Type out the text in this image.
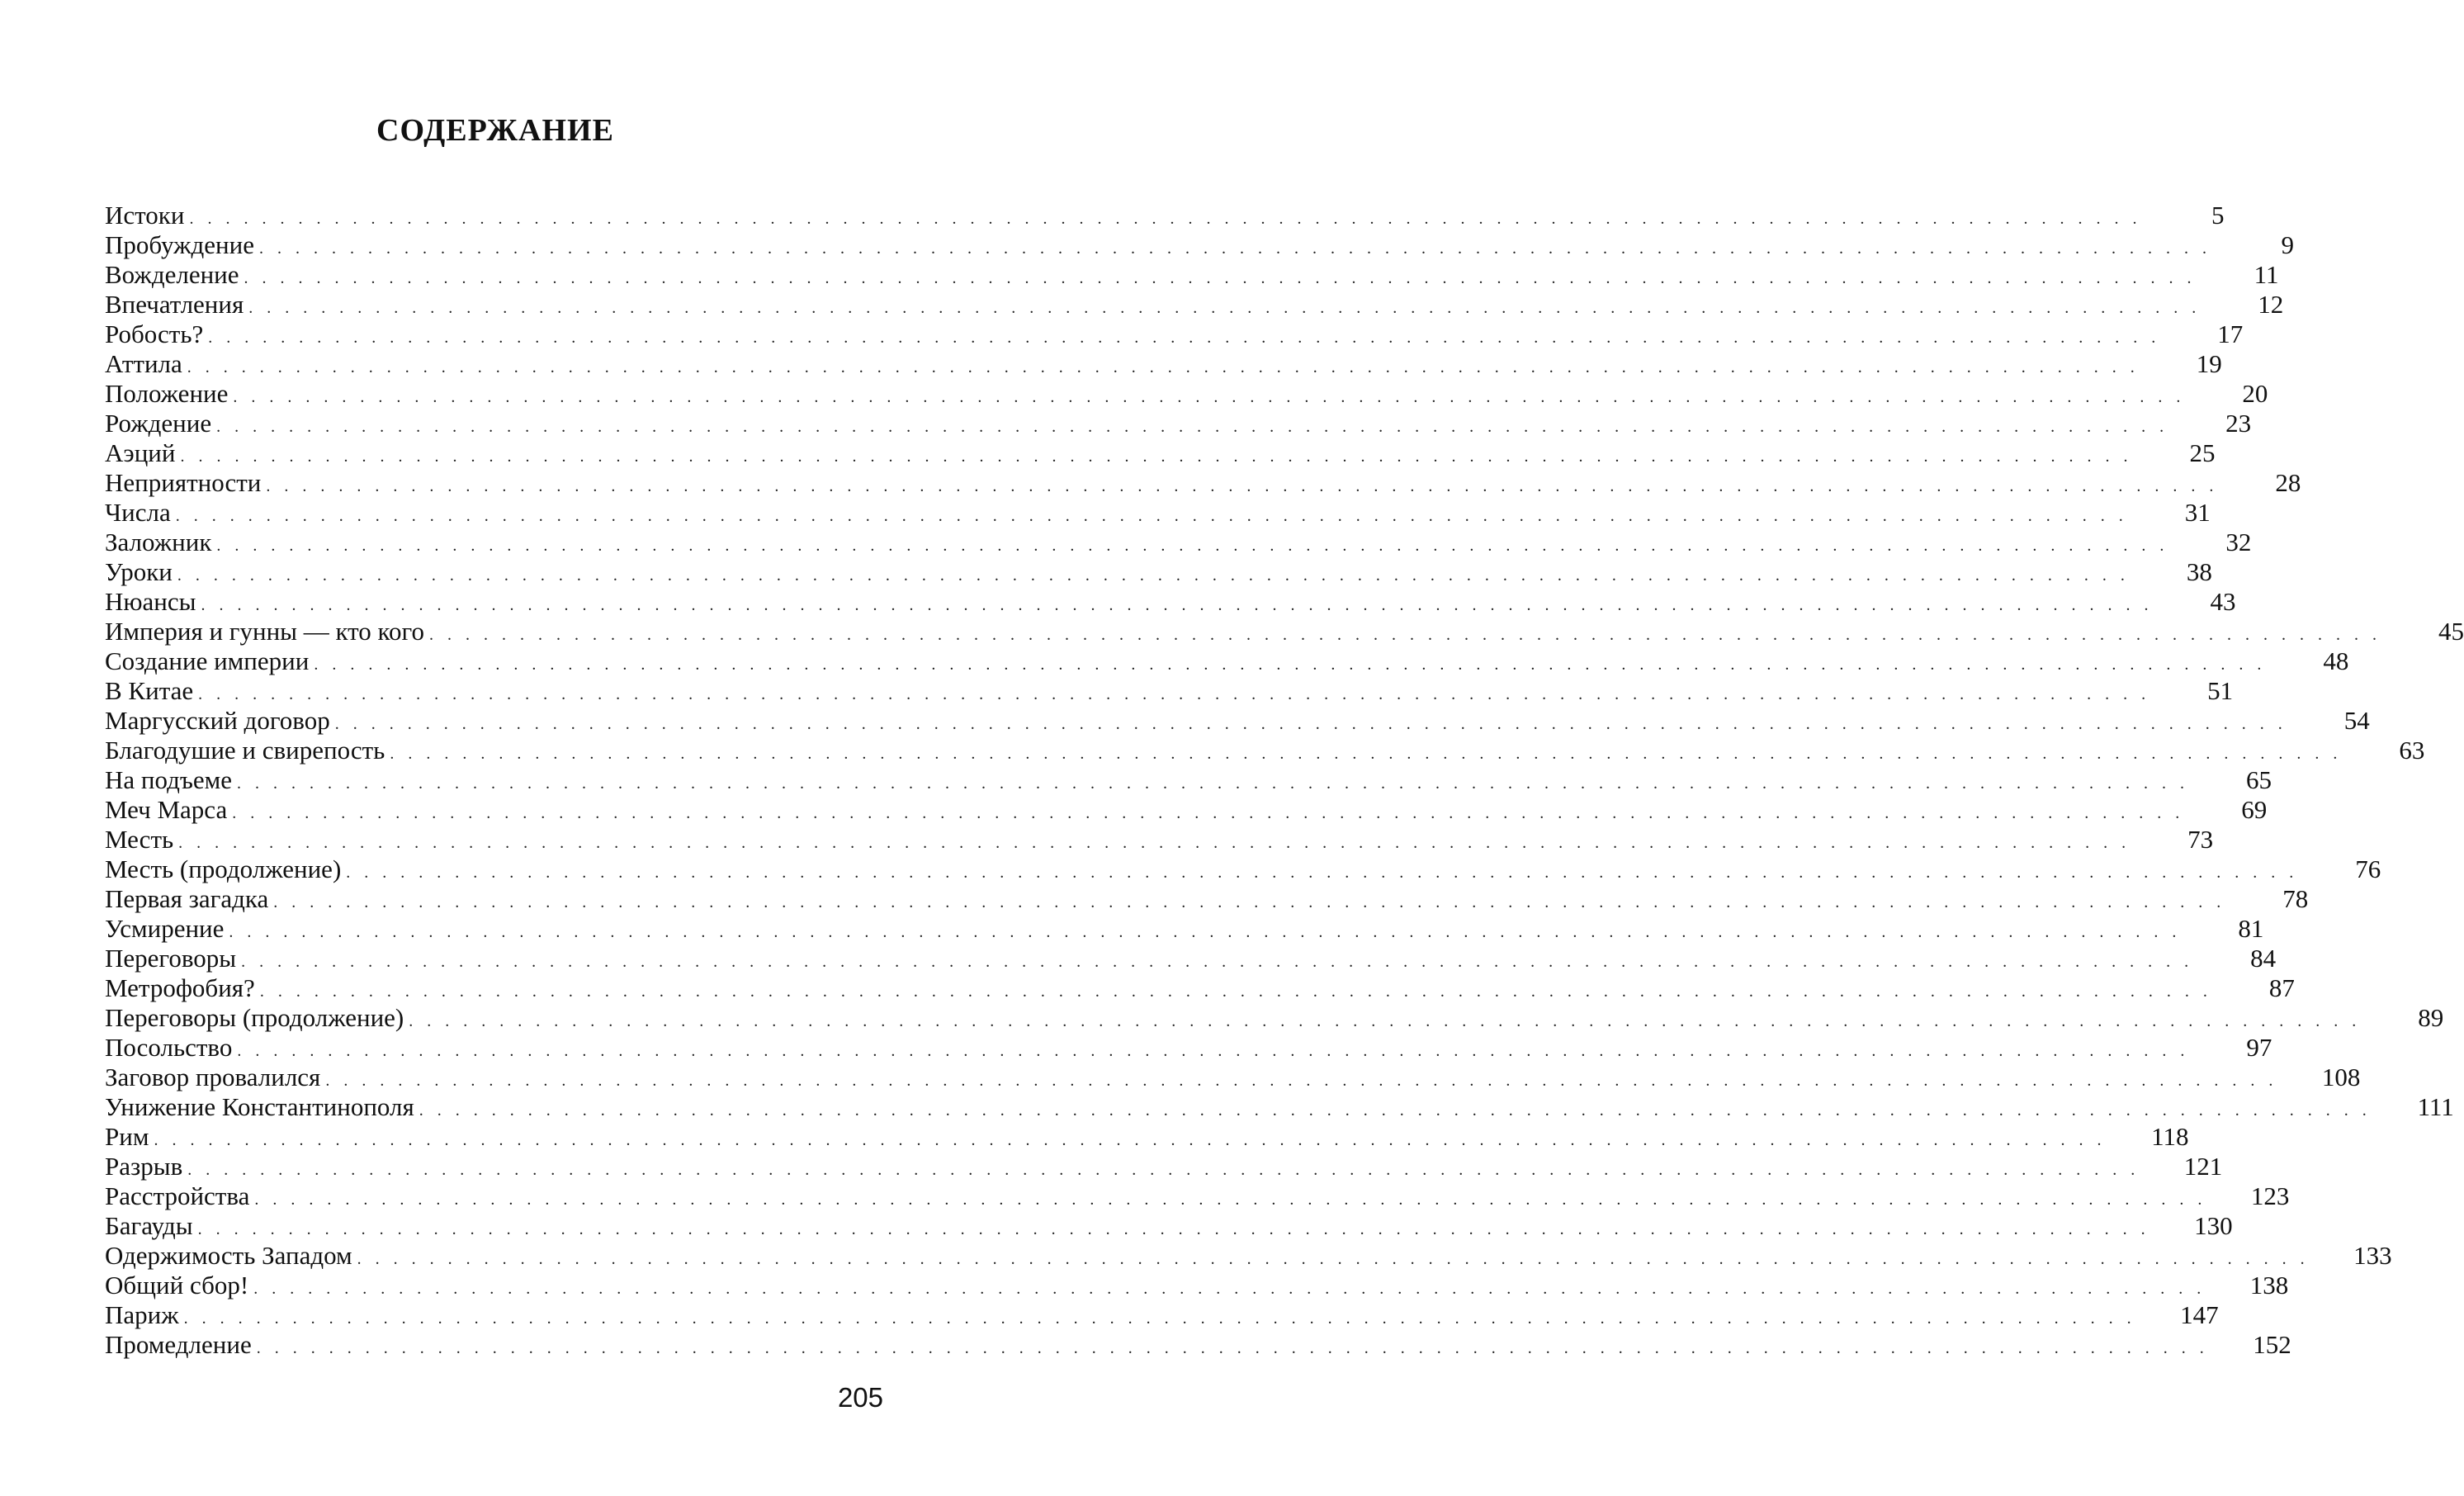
СОДЕРЖАНИЕ
Истоки . . . . . . . . . . . . . . . . . . . . . . . . . . . . . . . . . . . . . . . . . . . . . . . . . . . . . . . . . . . . . . . . . . . . . . . . . . . . . . . . . . . . . . . . . . . . . . . . . . . . . . . . . . . .	5
Пробуждение . . . . . . . . . . . . . . . . . . . . . . . . . . . . . . . . . . . . . . . . . . . . . . . . . . . . . . . . . . . . . . . . . . . . . . . . . . . . . . . . . . . . . . . . . . . . . . . . . . . . . . . . . . . .	9
Вожделение . . . . . . . . . . . . . . . . . . . . . . . . . . . . . . . . . . . . . . . . . . . . . . . . . . . . . . . . . . . . . . . . . . . . . . . . . . . . . . . . . . . . . . . . . . . . . . . . . . . . . . . . . . . .	11
Впечатления . . . . . . . . . . . . . . . . . . . . . . . . . . . . . . . . . . . . . . . . . . . . . . . . . . . . . . . . . . . . . . . . . . . . . . . . . . . . . . . . . . . . . . . . . . . . . . . . . . . . . . . . . . . .	12
Робость? . . . . . . . . . . . . . . . . . . . . . . . . . . . . . . . . . . . . . . . . . . . . . . . . . . . . . . . . . . . . . . . . . . . . . . . . . . . . . . . . . . . . . . . . . . . . . . . . . . . . . . . . . . . .	17
Аттила . . . . . . . . . . . . . . . . . . . . . . . . . . . . . . . . . . . . . . . . . . . . . . . . . . . . . . . . . . . . . . . . . . . . . . . . . . . . . . . . . . . . . . . . . . . . . . . . . . . . . . . . . . . .	19
Положение . . . . . . . . . . . . . . . . . . . . . . . . . . . . . . . . . . . . . . . . . . . . . . . . . . . . . . . . . . . . . . . . . . . . . . . . . . . . . . . . . . . . . . . . . . . . . . . . . . . . . . . . . . . .	20
Рождение . . . . . . . . . . . . . . . . . . . . . . . . . . . . . . . . . . . . . . . . . . . . . . . . . . . . . . . . . . . . . . . . . . . . . . . . . . . . . . . . . . . . . . . . . . . . . . . . . . . . . . . . . . . .	23
Аэций . . . . . . . . . . . . . . . . . . . . . . . . . . . . . . . . . . . . . . . . . . . . . . . . . . . . . . . . . . . . . . . . . . . . . . . . . . . . . . . . . . . . . . . . . . . . . . . . . . . . . . . . . . . .	25
Неприятности . . . . . . . . . . . . . . . . . . . . . . . . . . . . . . . . . . . . . . . . . . . . . . . . . . . . . . . . . . . . . . . . . . . . . . . . . . . . . . . . . . . . . . . . . . . . . . . . . . . . . . . . . . . .	28
Числа . . . . . . . . . . . . . . . . . . . . . . . . . . . . . . . . . . . . . . . . . . . . . . . . . . . . . . . . . . . . . . . . . . . . . . . . . . . . . . . . . . . . . . . . . . . . . . . . . . . . . . . . . . . .	31
Заложник . . . . . . . . . . . . . . . . . . . . . . . . . . . . . . . . . . . . . . . . . . . . . . . . . . . . . . . . . . . . . . . . . . . . . . . . . . . . . . . . . . . . . . . . . . . . . . . . . . . . . . . . . . . .	32
Уроки . . . . . . . . . . . . . . . . . . . . . . . . . . . . . . . . . . . . . . . . . . . . . . . . . . . . . . . . . . . . . . . . . . . . . . . . . . . . . . . . . . . . . . . . . . . . . . . . . . . . . . . . . . . .	38
Нюансы . . . . . . . . . . . . . . . . . . . . . . . . . . . . . . . . . . . . . . . . . . . . . . . . . . . . . . . . . . . . . . . . . . . . . . . . . . . . . . . . . . . . . . . . . . . . . . . . . . . . . . . . . . . .	43
Империя и гунны — кто кого . . . . . . . . . . . . . . . . . . . . . . . . . . . . . . . . . . . . . . . . . . . . . . . . . . . . . . . . . . . . . . . . . . . . . . . . . . . . . . . . . . . . . . . . . . . . . . . . . . . . . . . . . . . .	45
Создание империи . . . . . . . . . . . . . . . . . . . . . . . . . . . . . . . . . . . . . . . . . . . . . . . . . . . . . . . . . . . . . . . . . . . . . . . . . . . . . . . . . . . . . . . . . . . . . . . . . . . . . . . . . . . .	48
В Китае . . . . . . . . . . . . . . . . . . . . . . . . . . . . . . . . . . . . . . . . . . . . . . . . . . . . . . . . . . . . . . . . . . . . . . . . . . . . . . . . . . . . . . . . . . . . . . . . . . . . . . . . . . . .	51
Маргусский договор . . . . . . . . . . . . . . . . . . . . . . . . . . . . . . . . . . . . . . . . . . . . . . . . . . . . . . . . . . . . . . . . . . . . . . . . . . . . . . . . . . . . . . . . . . . . . . . . . . . . . . . . . . . .	54
Благодушие и свирепость . . . . . . . . . . . . . . . . . . . . . . . . . . . . . . . . . . . . . . . . . . . . . . . . . . . . . . . . . . . . . . . . . . . . . . . . . . . . . . . . . . . . . . . . . . . . . . . . . . . . . . . . . . . .	63
На подъеме . . . . . . . . . . . . . . . . . . . . . . . . . . . . . . . . . . . . . . . . . . . . . . . . . . . . . . . . . . . . . . . . . . . . . . . . . . . . . . . . . . . . . . . . . . . . . . . . . . . . . . . . . . . .	65
Меч Марса . . . . . . . . . . . . . . . . . . . . . . . . . . . . . . . . . . . . . . . . . . . . . . . . . . . . . . . . . . . . . . . . . . . . . . . . . . . . . . . . . . . . . . . . . . . . . . . . . . . . . . . . . . . .	69
Месть . . . . . . . . . . . . . . . . . . . . . . . . . . . . . . . . . . . . . . . . . . . . . . . . . . . . . . . . . . . . . . . . . . . . . . . . . . . . . . . . . . . . . . . . . . . . . . . . . . . . . . . . . . . .	73
Месть (продолжение) . . . . . . . . . . . . . . . . . . . . . . . . . . . . . . . . . . . . . . . . . . . . . . . . . . . . . . . . . . . . . . . . . . . . . . . . . . . . . . . . . . . . . . . . . . . . . . . . . . . . . . . . . . . .	76
Первая загадка . . . . . . . . . . . . . . . . . . . . . . . . . . . . . . . . . . . . . . . . . . . . . . . . . . . . . . . . . . . . . . . . . . . . . . . . . . . . . . . . . . . . . . . . . . . . . . . . . . . . . . . . . . . .	78
Усмирение . . . . . . . . . . . . . . . . . . . . . . . . . . . . . . . . . . . . . . . . . . . . . . . . . . . . . . . . . . . . . . . . . . . . . . . . . . . . . . . . . . . . . . . . . . . . . . . . . . . . . . . . . . . .	81
Переговоры . . . . . . . . . . . . . . . . . . . . . . . . . . . . . . . . . . . . . . . . . . . . . . . . . . . . . . . . . . . . . . . . . . . . . . . . . . . . . . . . . . . . . . . . . . . . . . . . . . . . . . . . . . . .	84
Метрофобия? . . . . . . . . . . . . . . . . . . . . . . . . . . . . . . . . . . . . . . . . . . . . . . . . . . . . . . . . . . . . . . . . . . . . . . . . . . . . . . . . . . . . . . . . . . . . . . . . . . . . . . . . . . . .	87
Переговоры (продолжение) . . . . . . . . . . . . . . . . . . . . . . . . . . . . . . . . . . . . . . . . . . . . . . . . . . . . . . . . . . . . . . . . . . . . . . . . . . . . . . . . . . . . . . . . . . . . . . . . . . . . . . . . . . . .	89
Посольство . . . . . . . . . . . . . . . . . . . . . . . . . . . . . . . . . . . . . . . . . . . . . . . . . . . . . . . . . . . . . . . . . . . . . . . . . . . . . . . . . . . . . . . . . . . . . . . . . . . . . . . . . . . .	97
Заговор провалился . . . . . . . . . . . . . . . . . . . . . . . . . . . . . . . . . . . . . . . . . . . . . . . . . . . . . . . . . . . . . . . . . . . . . . . . . . . . . . . . . . . . . . . . . . . . . . . . . . . . . . . . . . . .	108
Унижение Константинополя . . . . . . . . . . . . . . . . . . . . . . . . . . . . . . . . . . . . . . . . . . . . . . . . . . . . . . . . . . . . . . . . . . . . . . . . . . . . . . . . . . . . . . . . . . . . . . . . . . . . . . . . . . . .	111
Рим . . . . . . . . . . . . . . . . . . . . . . . . . . . . . . . . . . . . . . . . . . . . . . . . . . . . . . . . . . . . . . . . . . . . . . . . . . . . . . . . . . . . . . . . . . . . . . . . . . . . . . . . . . . .	118
Разрыв . . . . . . . . . . . . . . . . . . . . . . . . . . . . . . . . . . . . . . . . . . . . . . . . . . . . . . . . . . . . . . . . . . . . . . . . . . . . . . . . . . . . . . . . . . . . . . . . . . . . . . . . . . . .	121
Расстройства . . . . . . . . . . . . . . . . . . . . . . . . . . . . . . . . . . . . . . . . . . . . . . . . . . . . . . . . . . . . . . . . . . . . . . . . . . . . . . . . . . . . . . . . . . . . . . . . . . . . . . . . . . . .	123
Багауды . . . . . . . . . . . . . . . . . . . . . . . . . . . . . . . . . . . . . . . . . . . . . . . . . . . . . . . . . . . . . . . . . . . . . . . . . . . . . . . . . . . . . . . . . . . . . . . . . . . . . . . . . . . .	130
Одержимость Западом . . . . . . . . . . . . . . . . . . . . . . . . . . . . . . . . . . . . . . . . . . . . . . . . . . . . . . . . . . . . . . . . . . . . . . . . . . . . . . . . . . . . . . . . . . . . . . . . . . . . . . . . . . . .	133
Общий сбор! . . . . . . . . . . . . . . . . . . . . . . . . . . . . . . . . . . . . . . . . . . . . . . . . . . . . . . . . . . . . . . . . . . . . . . . . . . . . . . . . . . . . . . . . . . . . . . . . . . . . . . . . . . . .	138
Париж . . . . . . . . . . . . . . . . . . . . . . . . . . . . . . . . . . . . . . . . . . . . . . . . . . . . . . . . . . . . . . . . . . . . . . . . . . . . . . . . . . . . . . . . . . . . . . . . . . . . . . . . . . . .	147
Промедление . . . . . . . . . . . . . . . . . . . . . . . . . . . . . . . . . . . . . . . . . . . . . . . . . . . . . . . . . . . . . . . . . . . . . . . . . . . . . . . . . . . . . . . . . . . . . . . . . . . . . . . . . . . .	152
205
